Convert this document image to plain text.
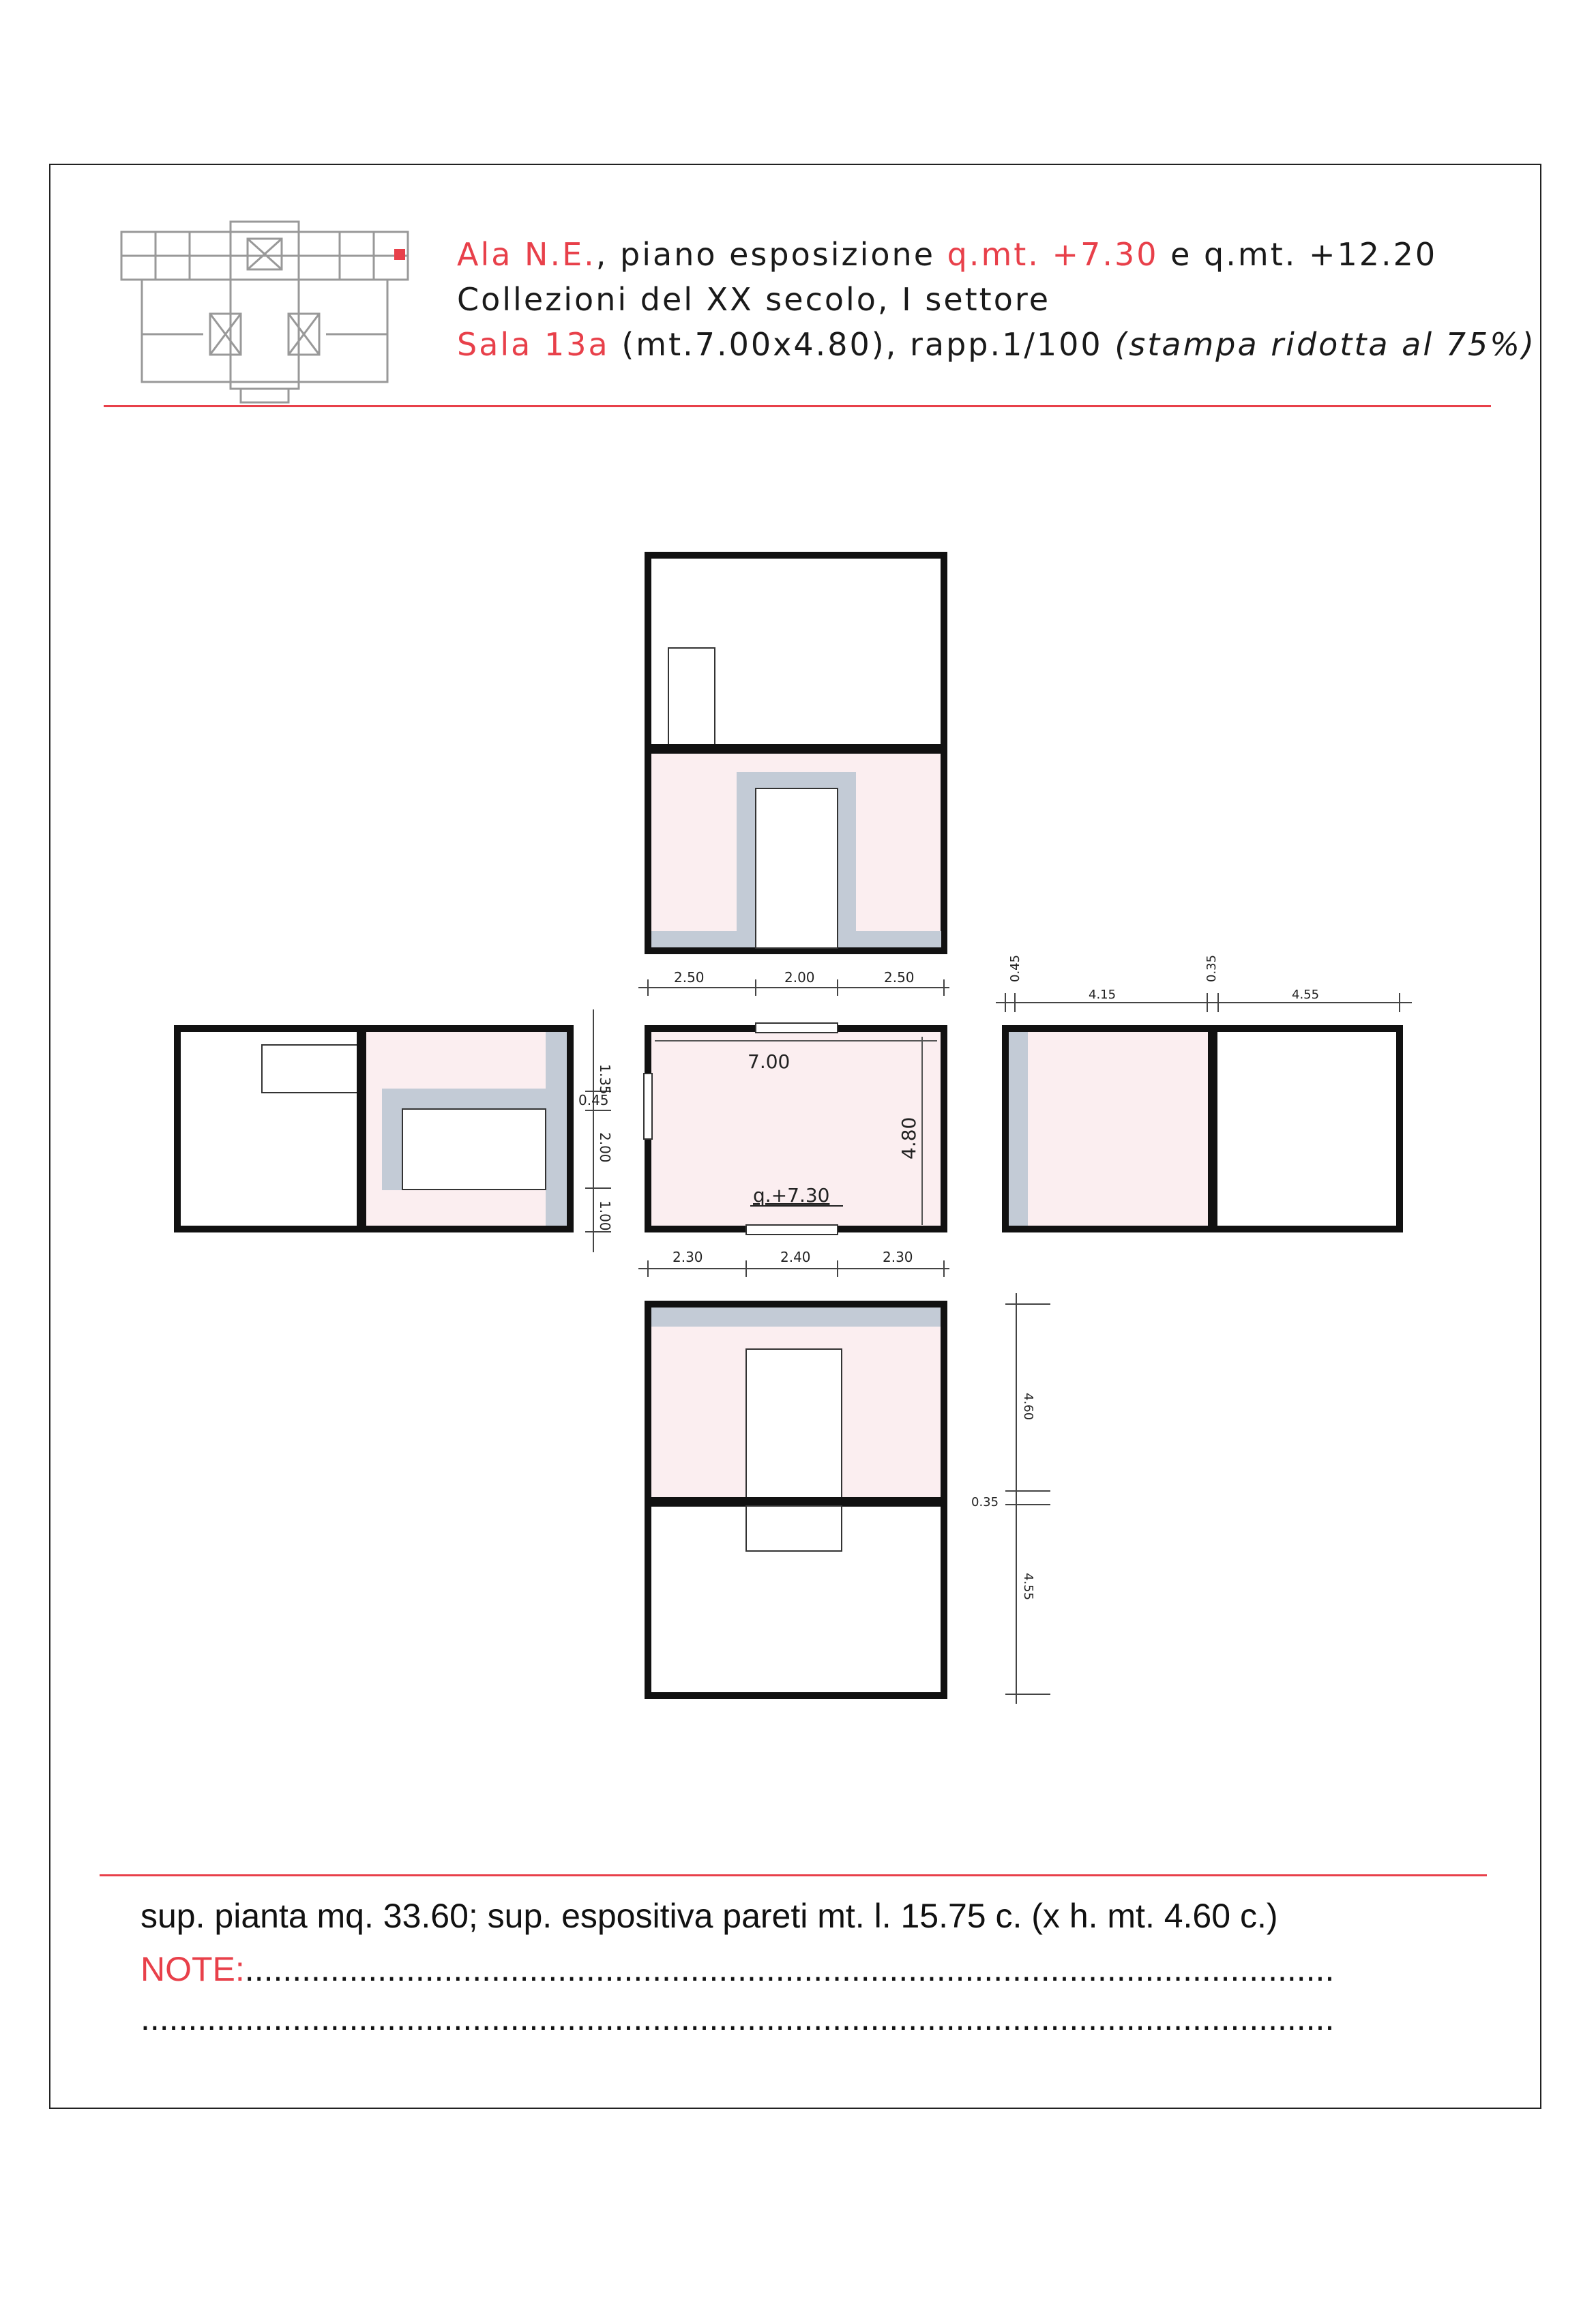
Ala N.E., piano esposizione q.mt. +7.30 e q.mt. +12.20
Collezioni del XX secolo, I settore
Sala 13a (mt.7.00x4.80), rapp.1/100 (stampa ridotta al 75%)
1.35
0.45
2.00
1.00
2.50	2.00	2.50
7.00
4.80
q.+7.30
2.30	2.40	2.30
0.45
4.15
0.35
4.55
4.60
0.35
4.55
sup. pianta mq. 33.60; sup. espositiva pareti mt. l. 15.75 c. (x h. mt. 4.60 c.)
NOTE:...................................................................................................................
..............................................................................................................................
